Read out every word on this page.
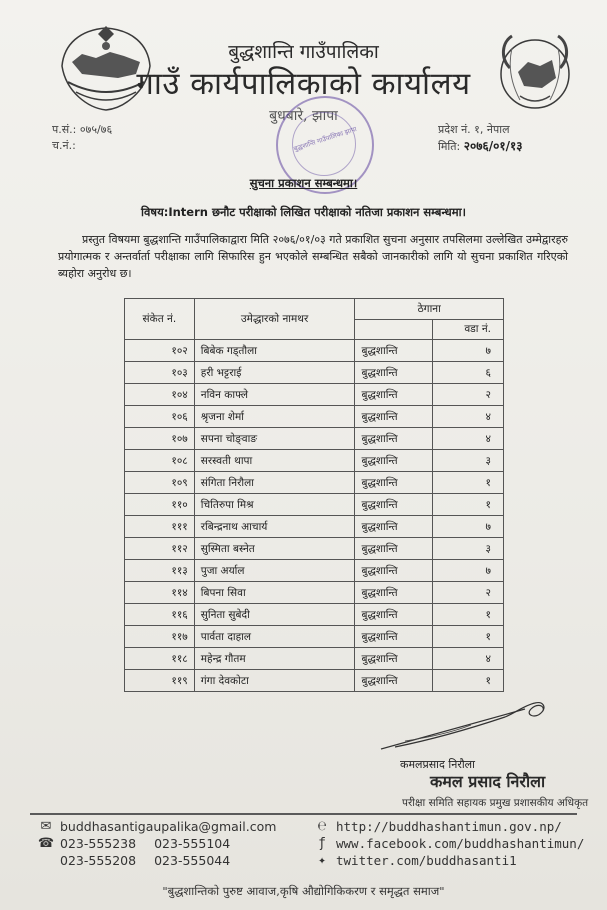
बुद्धशान्ति गाउँपालिका
गाउँ कार्यपालिकाको कार्यालय
बुधबारे, झापा
बुद्धशान्ति गाउँपालिका झापा
प.सं.: ०७५/७६
च.नं.:
प्रदेश नं. १, नेपाल
मिति: २०७६/०१/१३
सुचना प्रकाशन सम्बन्धमा।
विषय:Intern छनौट परीक्षाको लिखित परीक्षाको नतिजा प्रकाशन सम्बन्धमा।
प्रस्तुत विषयमा बुद्धशान्ति गाउँपालिकाद्वारा मिति २०७६/०१/०३ गते प्रकाशित सुचना अनुसार तपसिलमा उल्लेखित उम्मेद्वारहरु प्रयोगात्मक र अन्तर्वार्ता परीक्षाका लागि सिफारिस हुन भएकोले सम्बन्धित सबैको जानकारीको लागि यो सुचना प्रकाशित गरिएको ब्यहोरा अनुरोध छ।
संकेत नं.	उमेद्धारको नामथर	ठेगाना	
			वडा नं.
१०२	बिबेक गड्तौला	बुद्धशान्ति	७
१०३	हरी भट्टराई	बुद्धशान्ति	६
१०४	नविन काफ्ले	बुद्धशान्ति	२
१०६	श्रृजना शेर्मा	बुद्धशान्ति	४
१०७	सपना चोङ्वाङ	बुद्धशान्ति	४
१०८	सरस्वती थापा	बुद्धशान्ति	३
१०९	संगिता निरौला	बुद्धशान्ति	१
११०	चितिरुपा मिश्र	बुद्धशान्ति	१
१११	रबिन्द्रनाथ आचार्य	बुद्धशान्ति	७
११२	सुस्मिता बस्नेत	बुद्धशान्ति	३
११३	पुजा अर्याल	बुद्धशान्ति	७
११४	बिपना सिवा	बुद्धशान्ति	२
११६	सुनिता सुबेदी	बुद्धशान्ति	१
११७	पार्वता दाहाल	बुद्धशान्ति	१
११८	महेन्द्र गौतम	बुद्धशान्ति	४
११९	गंगा देवकोटा	बुद्धशान्ति	१
कमलप्रसाद निरौला
कमल प्रसाद निरौला
परीक्षा समिति सहायक प्रमुख प्रशासकीय अधिकृत
✉ buddhasantigaupalika@gmail.com
☎ 023-555238 023-555104
023-555208 023-555044
℮ http://buddhashantimun.gov.np/
ƒ www.facebook.com/buddhashantimun/
✦ twitter.com/buddhasanti1
"बुद्धशान्तिको पुरुष्ट आवाज,कृषि औद्योगिकिकरण र समृद्धत समाज"
